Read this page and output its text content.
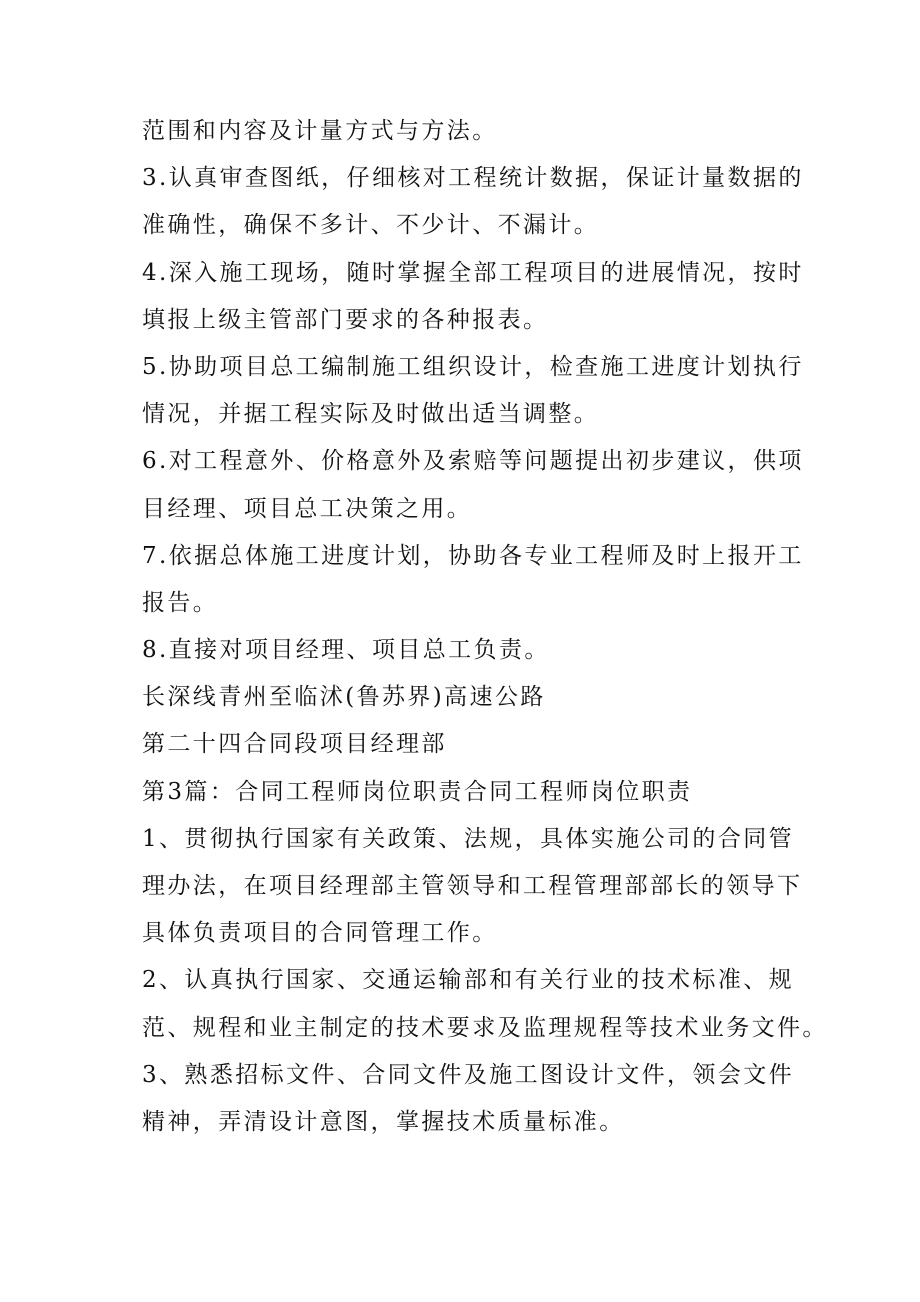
范围和内容及计量方式与方法。
3.认真审查图纸，仔细核对工程统计数据，保证计量数据的
准确性，确保不多计、不少计、不漏计。
4.深入施工现场，随时掌握全部工程项目的进展情况，按时
填报上级主管部门要求的各种报表。
5.协助项目总工编制施工组织设计，检查施工进度计划执行
情况，并据工程实际及时做出适当调整。
6.对工程意外、价格意外及索赔等问题提出初步建议，供项
目经理、项目总工决策之用。
7.依据总体施工进度计划，协助各专业工程师及时上报开工
报告。
8.直接对项目经理、项目总工负责。
长深线青州至临沭(鲁苏界)高速公路
第二十四合同段项目经理部
第3篇：合同工程师岗位职责合同工程师岗位职责
1、贯彻执行国家有关政策、法规，具体实施公司的合同管
理办法，在项目经理部主管领导和工程管理部部长的领导下
具体负责项目的合同管理工作。
2、认真执行国家、交通运输部和有关行业的技术标准、规
范、规程和业主制定的技术要求及监理规程等技术业务文件。
3、熟悉招标文件、合同文件及施工图设计文件，领会文件
精神，弄清设计意图，掌握技术质量标准。
